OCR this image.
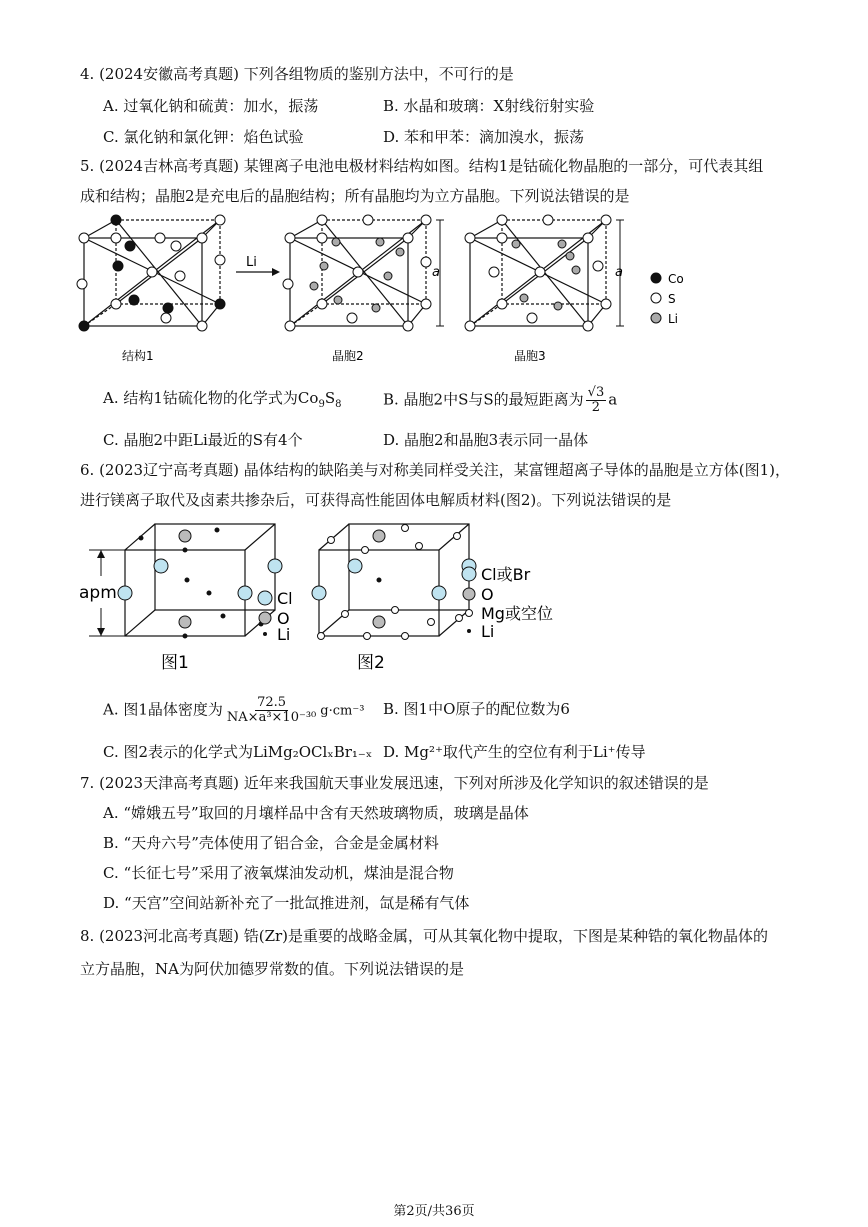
4. (2024安徽高考真题) 下列各组物质的鉴别方法中，不可行的是
A. 过氧化钠和硫黄：加水，振荡	B. 水晶和玻璃：X射线衍射实验
C. 氯化钠和氯化钾：焰色试验	D. 苯和甲苯：滴加溴水，振荡
5. (2024吉林高考真题) 某锂离子电池电极材料结构如图。结构1是钴硫化物晶胞的一部分，可代表其组
成和结构；晶胞2是充电后的晶胞结构；所有晶胞均为立方晶胞。下列说法错误的是
Li
a	a	Co
S
Li
结构1	晶胞2	晶胞3
A. 结构1钴硫化物的化学式为$Co_9S_8$	B. 晶胞2中S与S的最短距离为 $\frac{√3}{2}$ a
C. 晶胞2中距Li最近的S有4个	D. 晶胞2和晶胞3表示同一晶体
6. (2023辽宁高考真题) 晶体结构的缺陷美与对称美同样受关注，某富锂超离子导体的晶胞是立方体(图1)，
进行镁离子取代及卤素共掺杂后，可获得高性能固体电解质材料(图2)。下列说法错误的是
apm	Cl
O
Li
图1
Cl或Br
O
Mg或空位
Li
图2
A. 图1晶体密度为 $\frac{72.5}{\text{NA×a³×10⁻³⁰}} g\cdot cm^{-3}$ B. 图1中O原子的配位数为6
C. 图2表示的化学式为LiMg₂OClₓBr₁₋ₓ D. Mg²⁺取代产生的空位有利于Li⁺传导
7. (2023天津高考真题) 近年来我国航天事业发展迅速，下列对所涉及化学知识的叙述错误的是
A. “嫦娥五号”取回的月壤样品中含有天然玻璃物质，玻璃是晶体
B. “天舟六号”壳体使用了铝合金，合金是金属材料
C. “长征七号”采用了液氧煤油发动机，煤油是混合物
D. “天宫”空间站新补充了一批氙推进剂，氙是稀有气体
8. (2023河北高考真题) 锆(Zr)是重要的战略金属，可从其氧化物中提取，下图是某种锆的氧化物晶体的
立方晶胞，NA为阿伏加德罗常数的值。下列说法错误的是
第2页/共36页
